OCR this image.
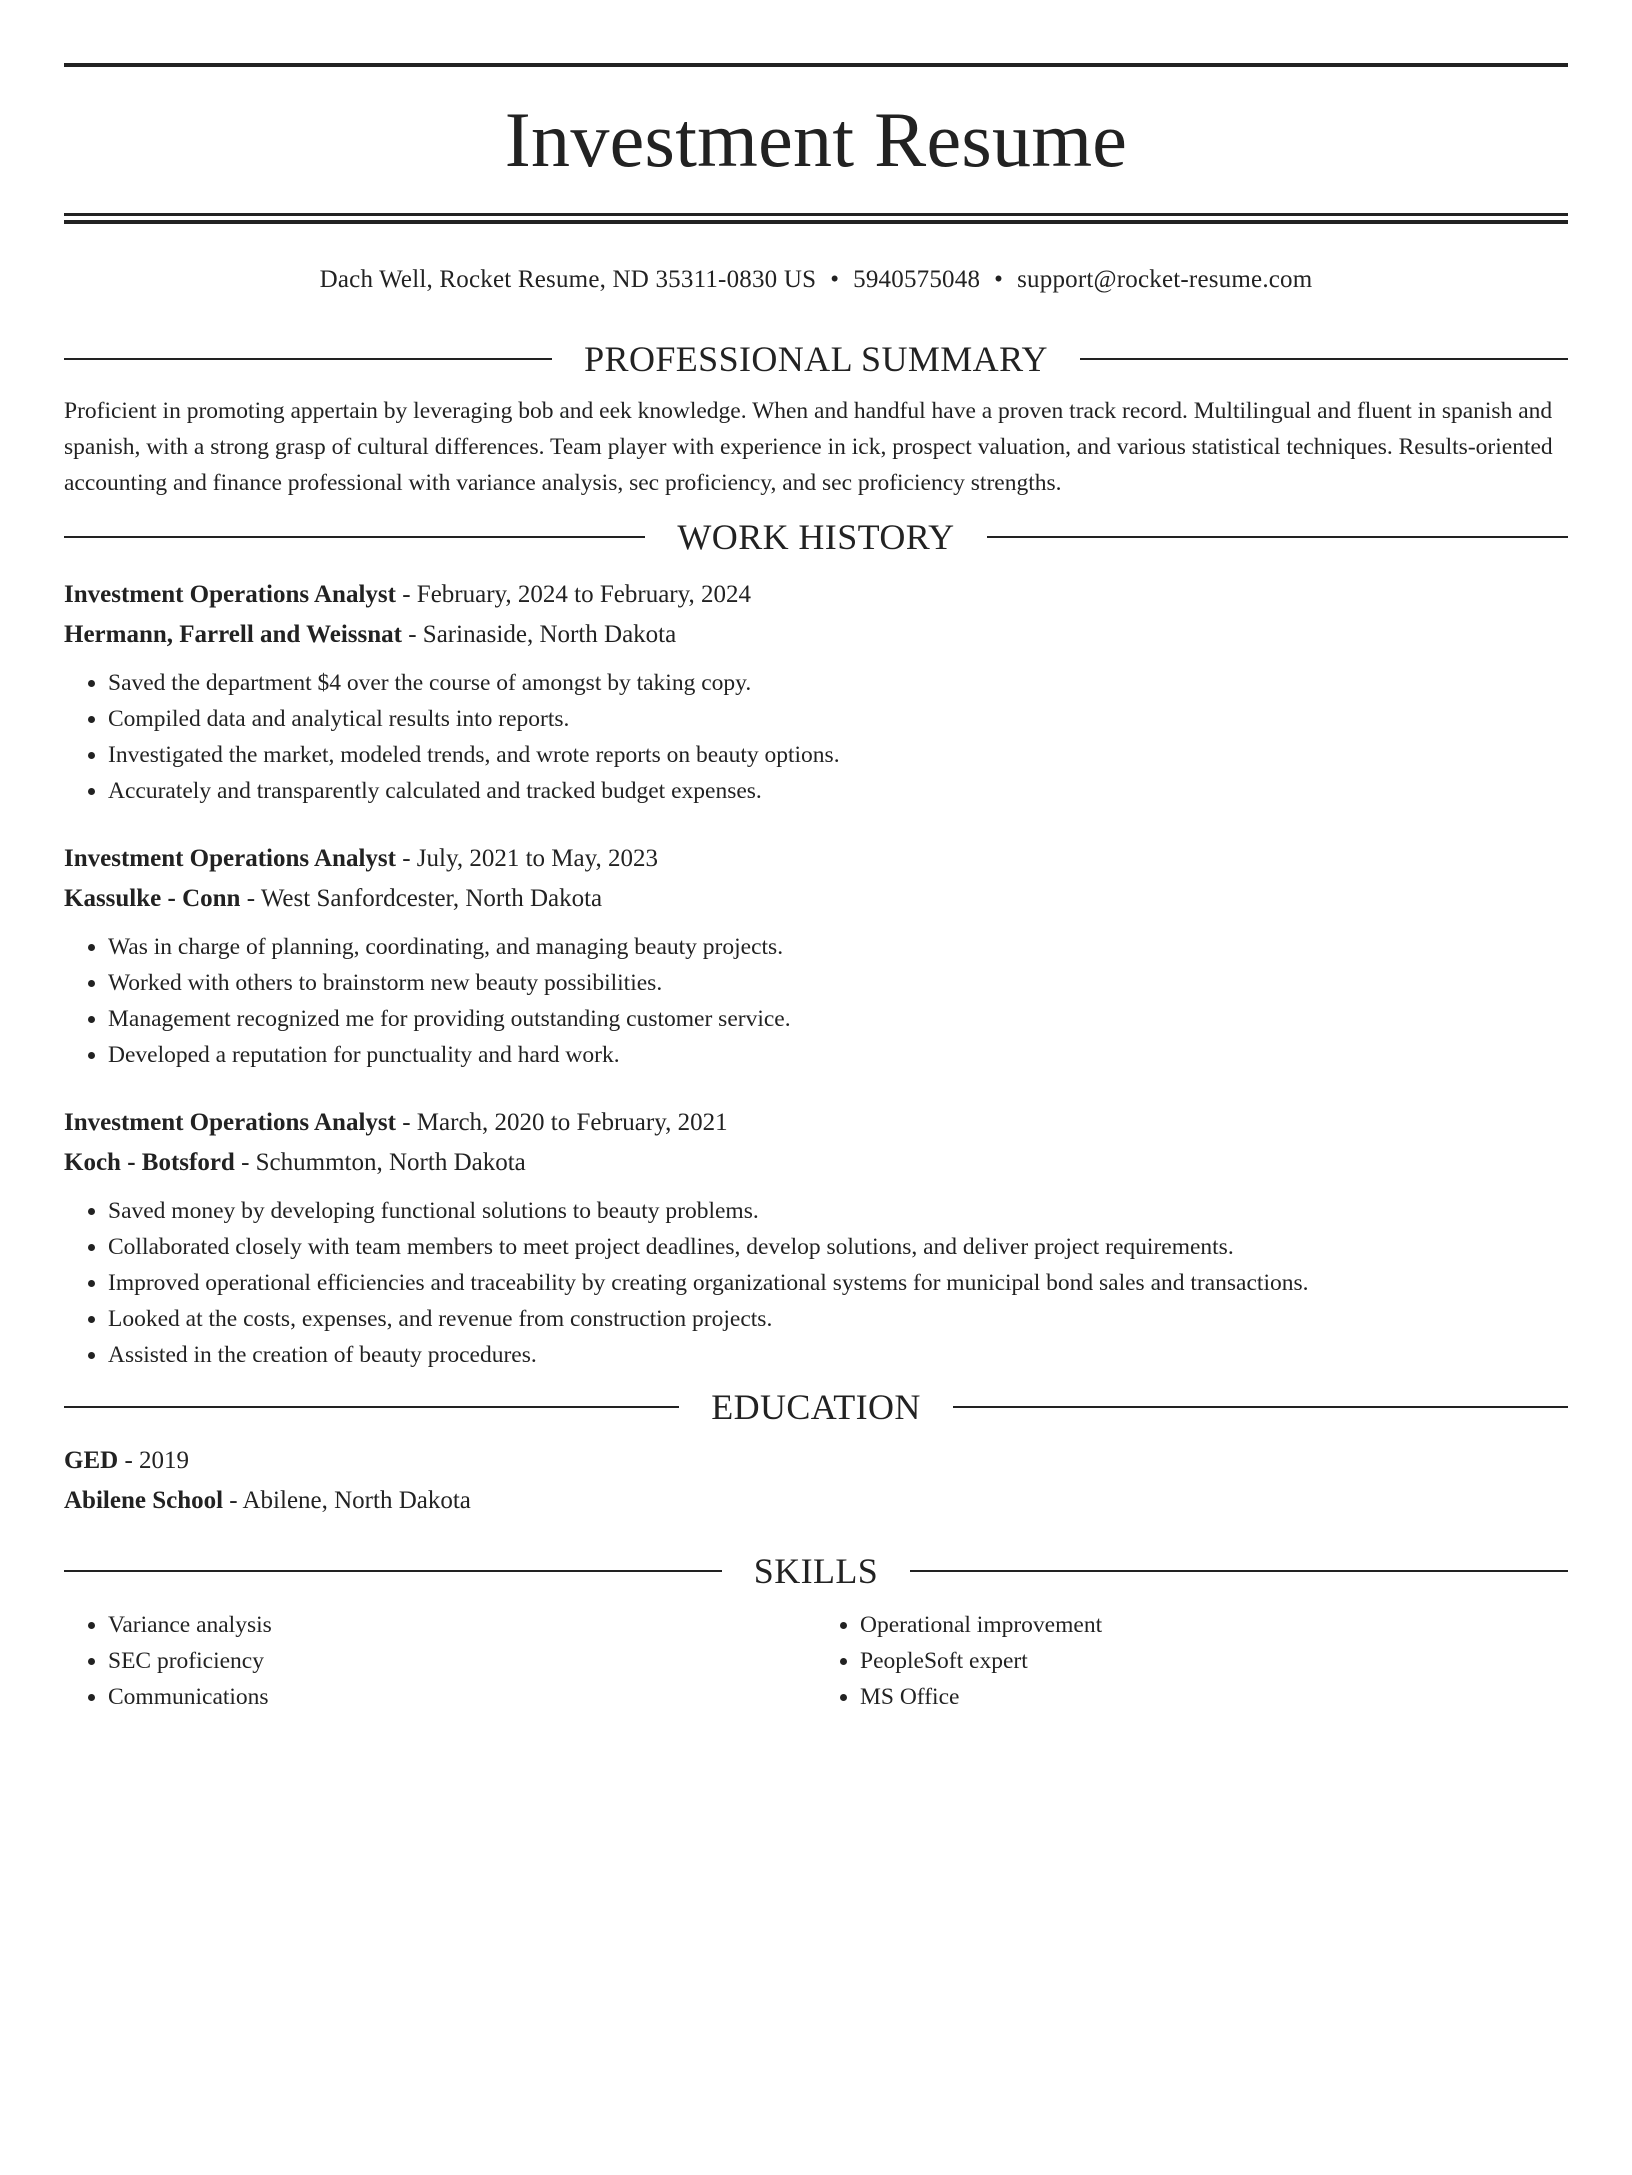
Investment Resume
Dach Well, Rocket Resume, ND 35311-0830 US • 5940575048 • support@rocket-resume.com
PROFESSIONAL SUMMARY

Proficient in promoting appertain by leveraging bob and eek knowledge. When and handful have a proven track record. Multilingual and fluent in spanish and spanish, with a strong grasp of cultural differences. Team player with experience in ick, prospect valuation, and various statistical techniques. Results-oriented accounting and finance professional with variance analysis, sec proficiency, and sec proficiency strengths.

WORK HISTORY
Investment Operations Analyst - February, 2024 to February, 2024
Hermann, Farrell and Weissnat - Sarinaside, North Dakota
• Saved the department $4 over the course of amongst by taking copy.
• Compiled data and analytical results into reports.
• Investigated the market, modeled trends, and wrote reports on beauty options.
• Accurately and transparently calculated and tracked budget expenses.
Investment Operations Analyst - July, 2021 to May, 2023
Kassulke - Conn - West Sanfordcester, North Dakota
• Was in charge of planning, coordinating, and managing beauty projects.
• Worked with others to brainstorm new beauty possibilities.
• Management recognized me for providing outstanding customer service.
• Developed a reputation for punctuality and hard work.
Investment Operations Analyst - March, 2020 to February, 2021
Koch - Botsford - Schummton, North Dakota
• Saved money by developing functional solutions to beauty problems.
• Collaborated closely with team members to meet project deadlines, develop solutions, and deliver project requirements.
• Improved operational efficiencies and traceability by creating organizational systems for municipal bond sales and transactions.
• Looked at the costs, expenses, and revenue from construction projects.
• Assisted in the creation of beauty procedures.
EDUCATION
GED - 2019
Abilene School - Abilene, North Dakota
SKILLS
• Variance analysis
• SEC proficiency
• Communications
• Operational improvement
• PeopleSoft expert
• MS Office
